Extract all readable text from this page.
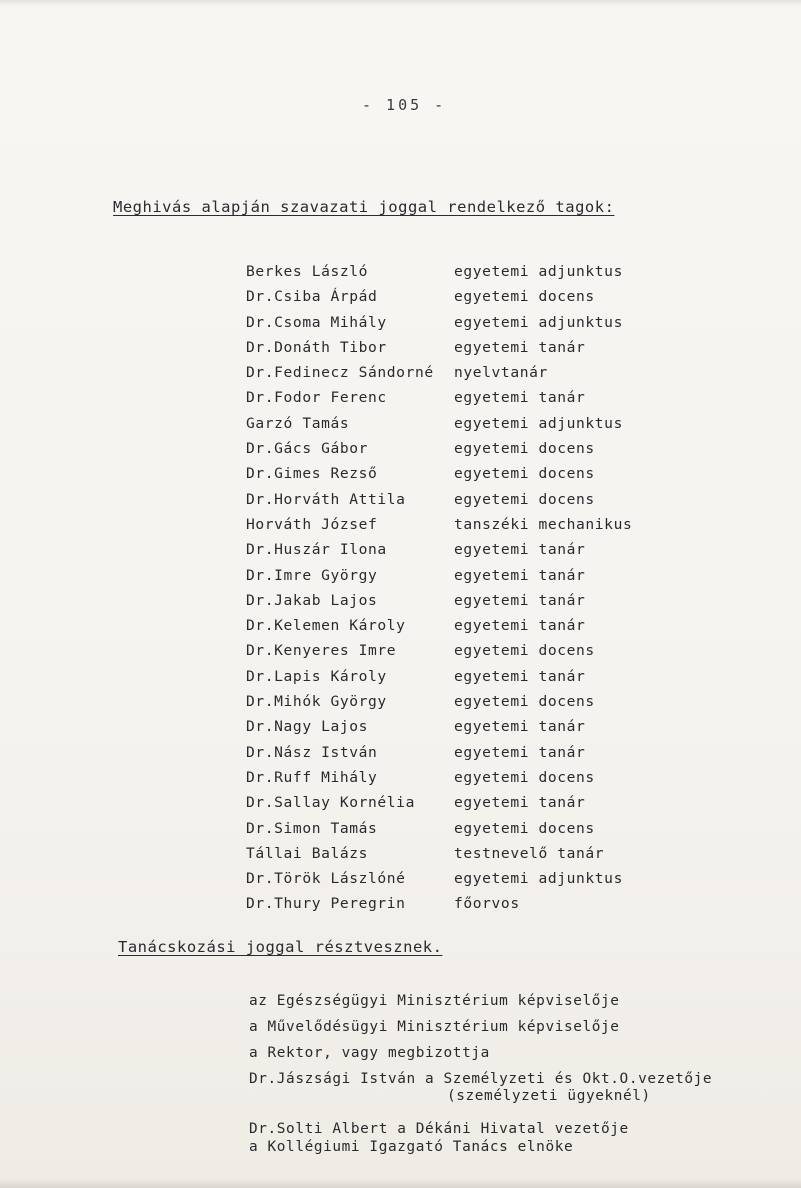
- 105 -
Meghivás alapján szavazati joggal rendelkező tagok:
Berkes László	egyetemi adjunktus
Dr.Csiba Árpád	egyetemi docens
Dr.Csoma Mihály	egyetemi adjunktus
Dr.Donáth Tibor	egyetemi tanár
Dr.Fedinecz Sándorné nyelvtanár
Dr.Fodor Ferenc	egyetemi tanár
Garzó Tamás	egyetemi adjunktus
Dr.Gács Gábor	egyetemi docens
Dr.Gimes Rezső	egyetemi docens
Dr.Horváth Attila	egyetemi docens
Horváth József	tanszéki mechanikus
Dr.Huszár Ilona	egyetemi tanár
Dr.Imre György	egyetemi tanár
Dr.Jakab Lajos	egyetemi tanár
Dr.Kelemen Károly	egyetemi tanár
Dr.Kenyeres Imre	egyetemi docens
Dr.Lapis Károly	egyetemi tanár
Dr.Mihók György	egyetemi docens
Dr.Nagy Lajos	egyetemi tanár
Dr.Nász István	egyetemi tanár
Dr.Ruff Mihály	egyetemi docens
Dr.Sallay Kornélia	egyetemi tanár
Dr.Simon Tamás	egyetemi docens
Tállai Balázs	testnevelő tanár
Dr.Török Lászlóné	egyetemi adjunktus
Dr.Thury Peregrin	főorvos
Tanácskozási joggal résztvesznek.
az Egészségügyi Minisztérium képviselője
a Művelődésügyi Minisztérium képviselője
a Rektor, vagy megbizottja
Dr.Jászsági István a Személyzeti és Okt.O.vezetője
(személyzeti ügyeknél)
Dr.Solti Albert a Dékáni Hivatal vezetője
a Kollégiumi Igazgató Tanács elnöke
